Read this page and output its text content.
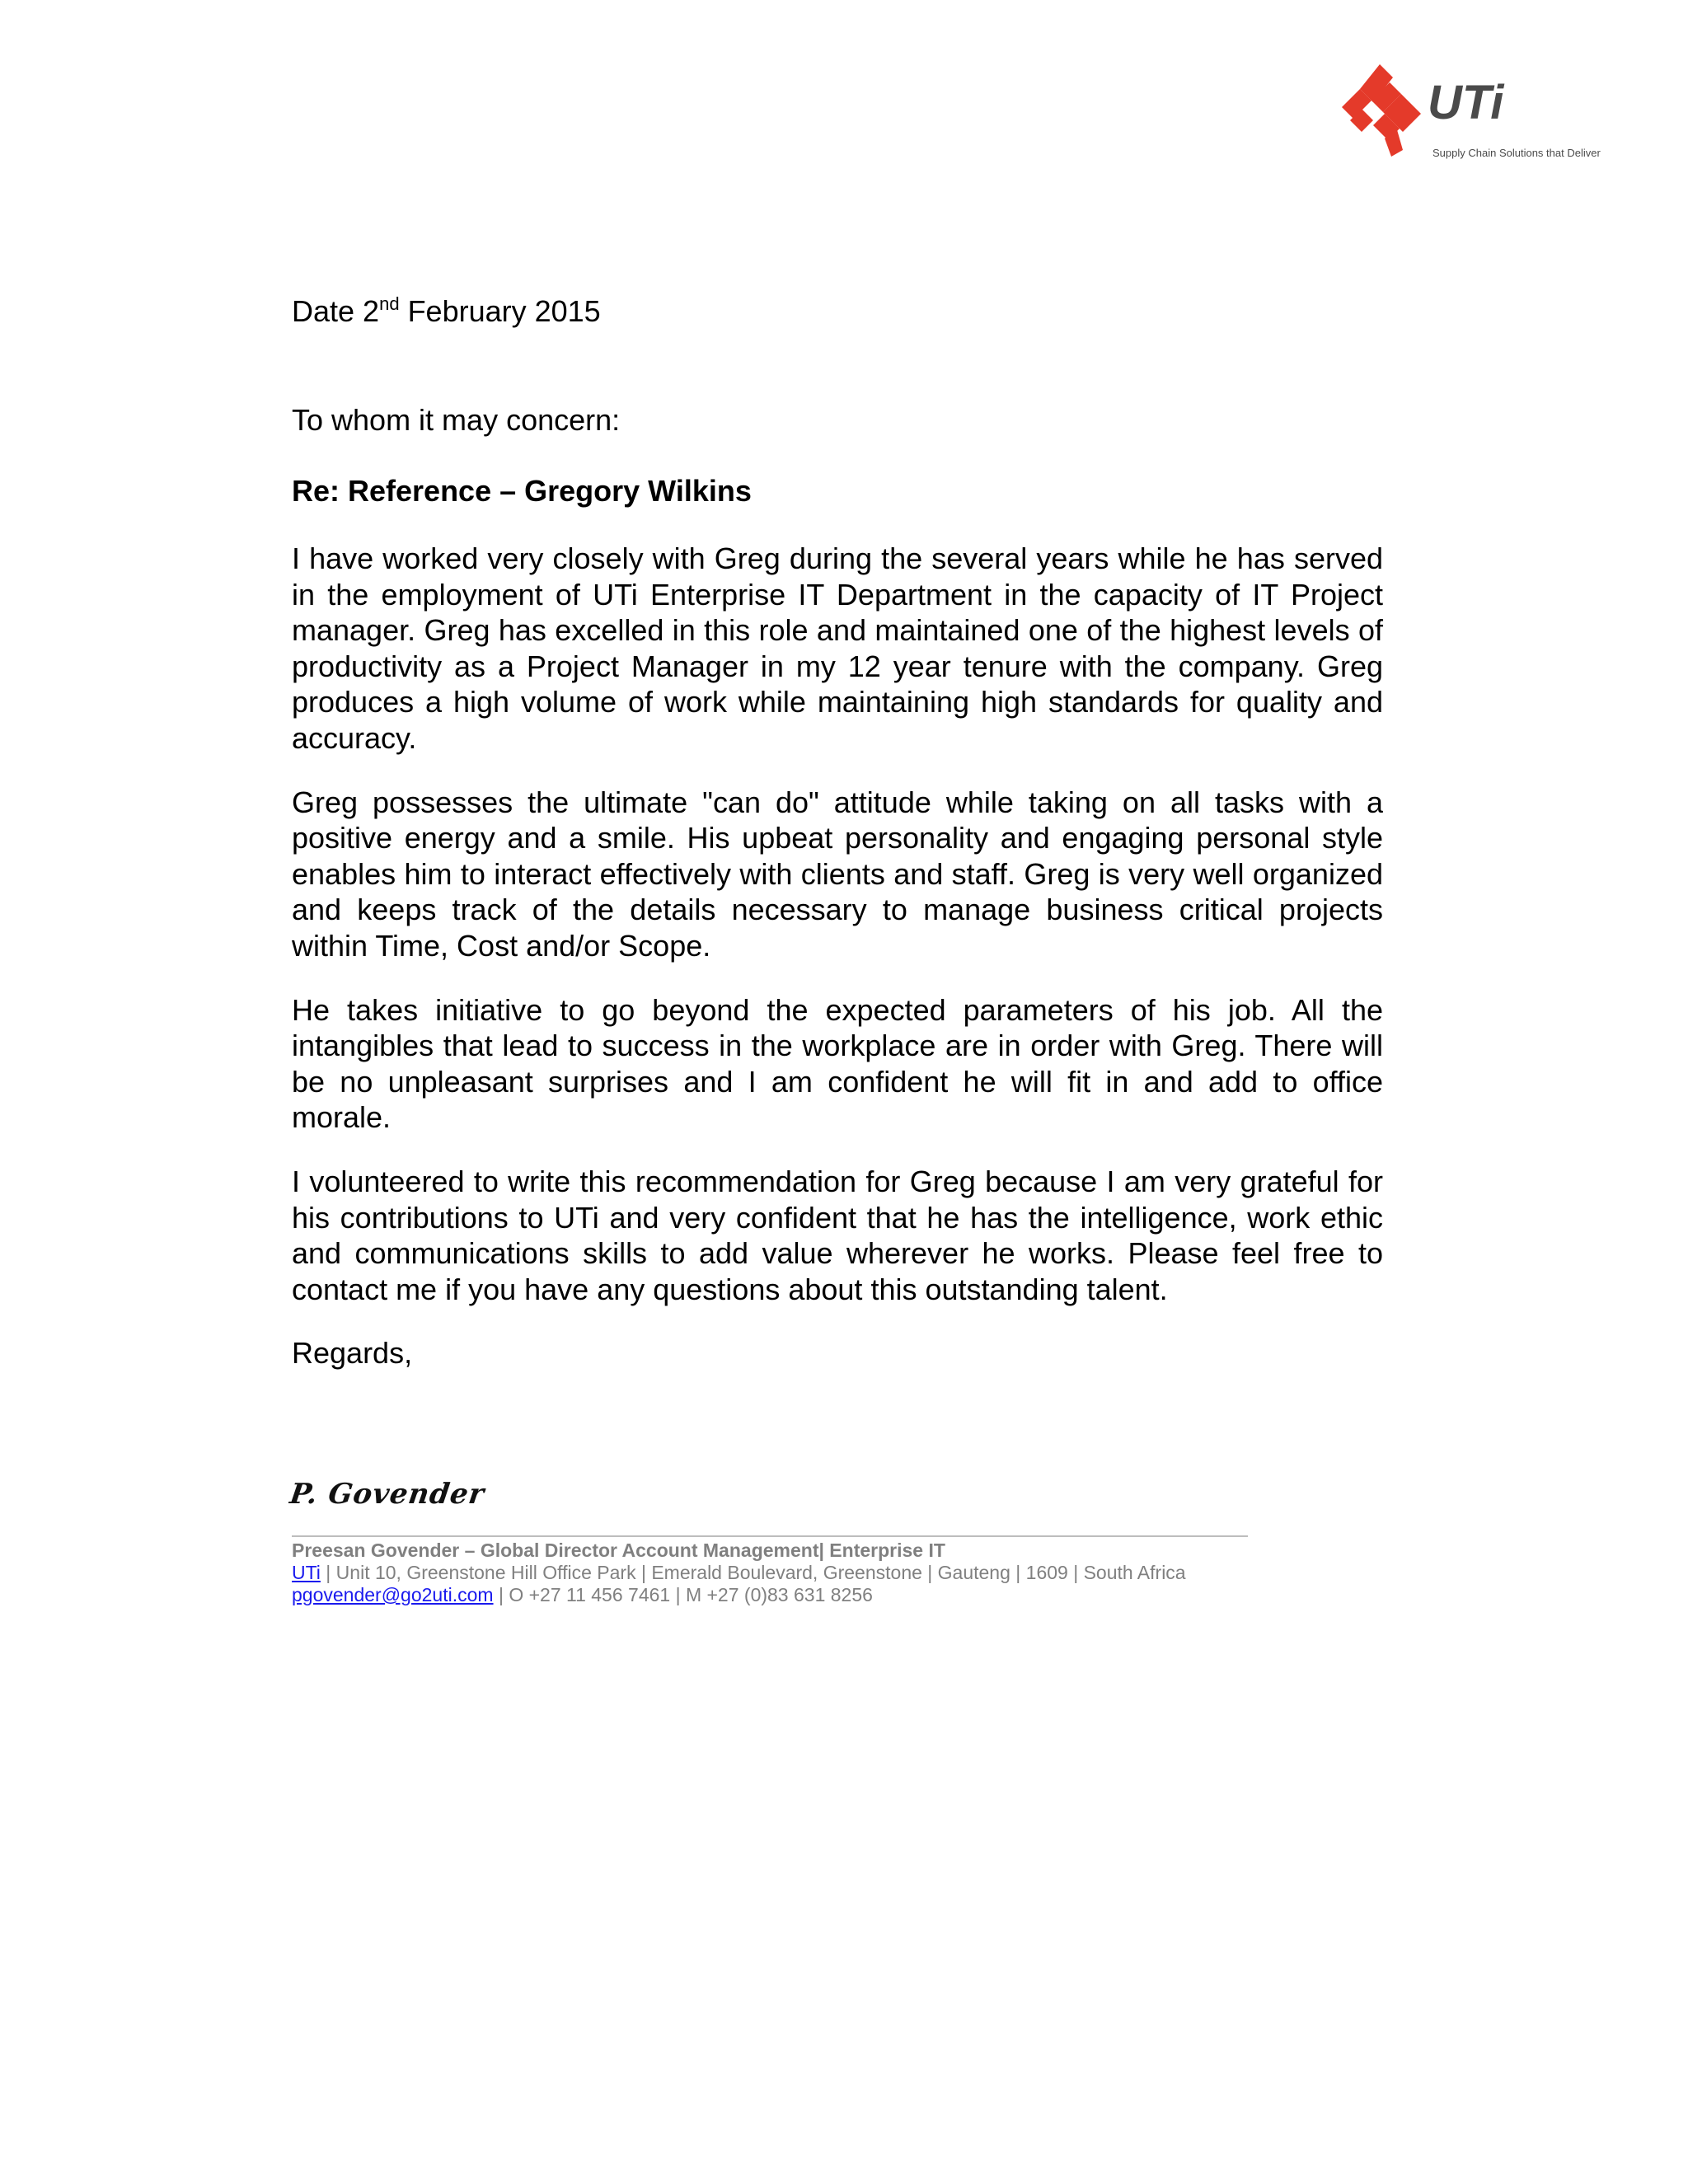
UTi
Supply Chain Solutions that Deliver

Date 2nd February 2015

To whom it may concern:

Re: Reference – Gregory Wilkins

I have worked very closely with Greg during the several years while he has served in the employment of UTi Enterprise IT Department in the capacity of IT Project manager. Greg has excelled in this role and maintained one of the highest levels of productivity as a Project Manager in my 12 year tenure with the company. Greg produces a high volume of work while maintaining high standards for quality and accuracy.

Greg possesses the ultimate "can do" attitude while taking on all tasks with a positive energy and a smile. His upbeat personality and engaging personal style enables him to interact effectively with clients and staff. Greg is very well organized and keeps track of the details necessary to manage business critical projects within Time, Cost and/or Scope.

He takes initiative to go beyond the expected parameters of his job. All the intangibles that lead to success in the workplace are in order with Greg. There will be no unpleasant surprises and I am confident he will fit in and add to office morale.

I volunteered to write this recommendation for Greg because I am very grateful for his contributions to UTi and very confident that he has the intelligence, work ethic and communications skills to add value wherever he works. Please feel free to contact me if you have any questions about this outstanding talent.

Regards,

P. Govender
Preesan Govender – Global Director Account Management| Enterprise IT
UTi | Unit 10, Greenstone Hill Office Park | Emerald Boulevard, Greenstone | Gauteng | 1609 | South Africa
pgovender@go2uti.com | O +27 11 456 7461 | M +27 (0)83 631 8256
